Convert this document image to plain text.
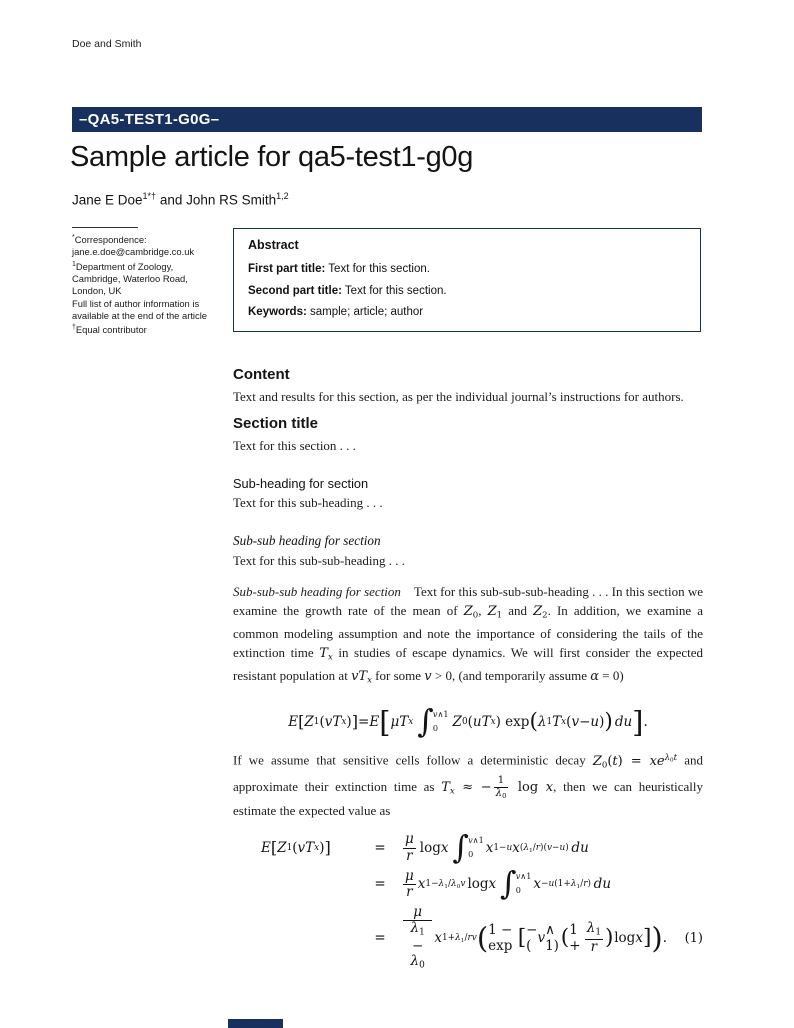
Doe and Smith
–QA5-TEST1-G0G–
Sample article for qa5-test1-g0g
Jane E Doe$^{1*\dagger}$ and John RS Smith$^{1,2}$
*Correspondence:
jane.e.doe@cambridge.co.uk
$^1$Department of Zoology,
Cambridge, Waterloo Road,
London, UK
Full list of author information is
available at the end of the article
†Equal contributor
Abstract
First part title: Text for this section.
Second part title: Text for this section.
Keywords: sample; article; author
Content

Text and results for this section, as per the individual journal’s instructions for authors.

Section title

Text for this section . . .

Sub-heading for section

Text for this sub-heading . . .

Sub-sub heading for section

Text for this sub-sub-heading . . .

Sub-sub-sub heading for section Text for this sub-sub-sub-heading . . . In this section we examine the growth rate of the mean of Z0, Z1 and Z2. In addition, we examine a common modeling assumption and note the importance of considering the tails of the extinction time Tx in studies of escape dynamics. We will first consider the expected resistant population at vTx for some v > 0, (and temporarily assume α = 0)

E [ Z 1 ( vT x ) ] = E [ μT x ∫ v∧1
0	Z 0 ( uT x ) exp ( λ 1 T x ( v − u ) ) du ] .

If we assume that sensitive cells follow a deterministic decay $Z0(t) = xe^{\lambda 0t}$ and approximate their extinction time as Tx ≈ − $\frac{1}{\lambda 0}$ log x, then we can heuristically estimate the expected value as

E [ Z 1 ( vT x ) ]	=
μ
r log x ∫ v∧1
0 x 1−u x (λ1/r)(v−u) du
=
μ
r x 1−λ1/λ0v log x ∫ v∧1
0 x −u(1+λ1/r) du
=
μ
λ1 − λ0
x 1+λ1/rv ( 1 − exp [ −( v ∧ 1) ( $1 + \frac{\lambda 1}{r}$ ) log x ] ) .	(1)
